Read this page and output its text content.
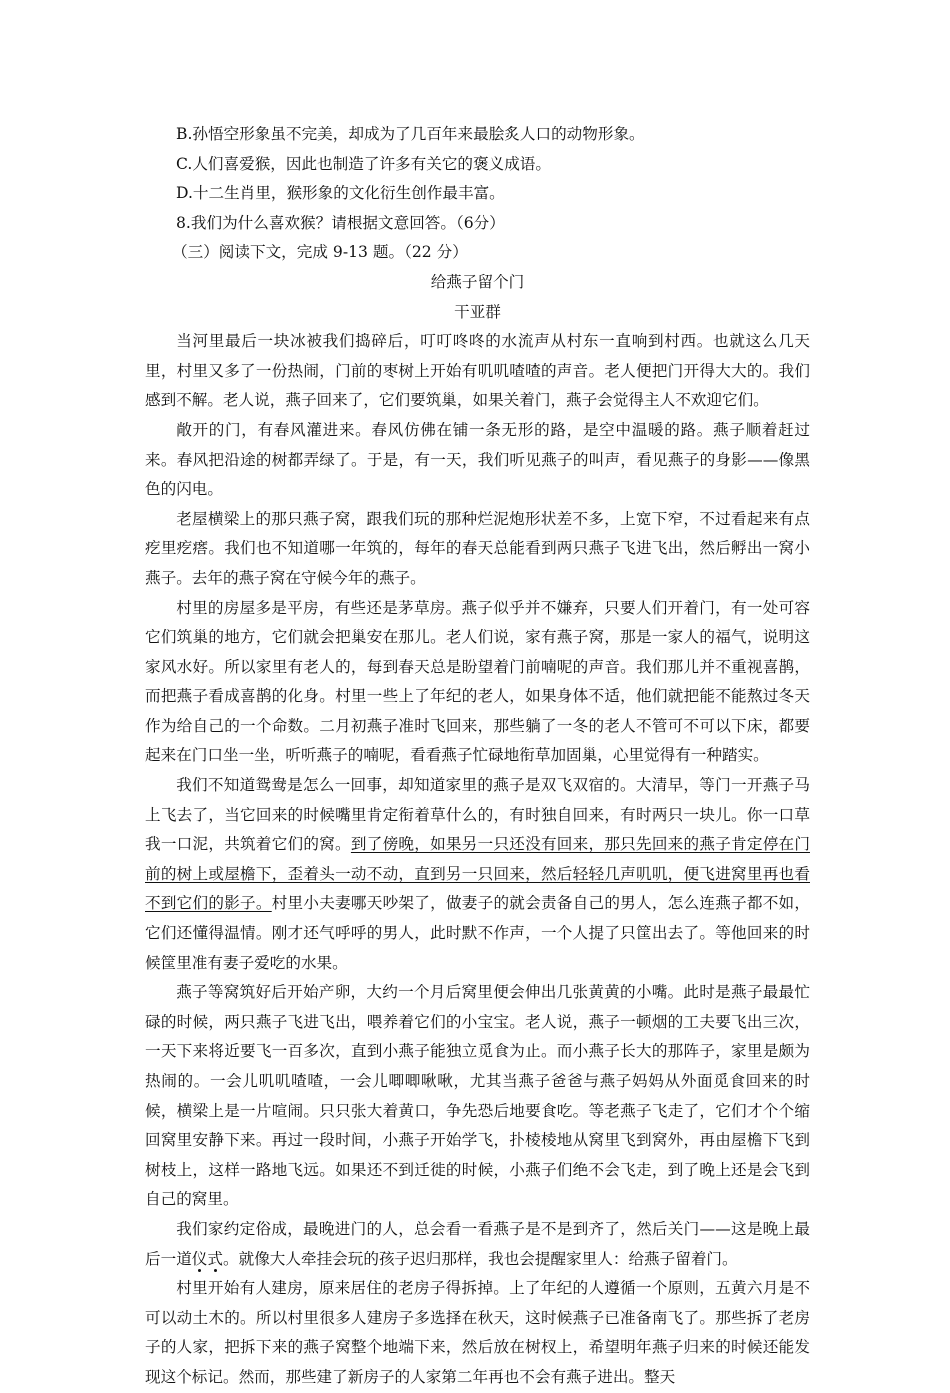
B.孙悟空形象虽不完美，却成为了几百年来最脍炙人口的动物形象。

C.人们喜爱猴，因此也制造了许多有关它的褒义成语。

D.十二生肖里，猴形象的文化衍生创作最丰富。

8.我们为什么喜欢猴？请根据文意回答。（6分）

（三）阅读下文，完成 9-13 题。（22 分）

给燕子留个门

干亚群

当河里最后一块冰被我们捣碎后，叮叮咚咚的水流声从村东一直响到村西。也就这么几天里，村里又多了一份热闹，门前的枣树上开始有叽叽喳喳的声音。老人便把门开得大大的。我们感到不解。老人说，燕子回来了，它们要筑巢，如果关着门，燕子会觉得主人不欢迎它们。

敞开的门，有春风灌进来。春风仿佛在铺一条无形的路，是空中温暖的路。燕子顺着赶过来。春风把沿途的树都弄绿了。于是，有一天，我们听见燕子的叫声，看见燕子的身影——像黑色的闪电。

老屋横梁上的那只燕子窝，跟我们玩的那种烂泥炮形状差不多，上宽下窄，不过看起来有点疙里疙瘩。我们也不知道哪一年筑的，每年的春天总能看到两只燕子飞进飞出，然后孵出一窝小燕子。去年的燕子窝在守候今年的燕子。

村里的房屋多是平房，有些还是茅草房。燕子似乎并不嫌弃，只要人们开着门，有一处可容它们筑巢的地方，它们就会把巢安在那儿。老人们说，家有燕子窝，那是一家人的福气，说明这家风水好。所以家里有老人的，每到春天总是盼望着门前喃呢的声音。我们那儿并不重视喜鹊，而把燕子看成喜鹊的化身。村里一些上了年纪的老人，如果身体不适，他们就把能不能熬过冬天作为给自己的一个命数。二月初燕子准时飞回来，那些躺了一冬的老人不管可不可以下床，都要起来在门口坐一坐，听听燕子的喃呢，看看燕子忙碌地衔草加固巢，心里觉得有一种踏实。

我们不知道鸳鸯是怎么一回事，却知道家里的燕子是双飞双宿的。大清早，等门一开燕子马上飞去了，当它回来的时候嘴里肯定衔着草什么的，有时独自回来，有时两只一块儿。你一口草我一口泥，共筑着它们的窝。到了傍晚，如果另一只还没有回来，那只先回来的燕子肯定停在门前的树上或屋檐下，歪着头一动不动，直到另一只回来，然后轻轻几声叽叽，便飞进窝里再也看不到它们的影子。村里小夫妻哪天吵架了，做妻子的就会责备自己的男人，怎么连燕子都不如，它们还懂得温情。刚才还气呼呼的男人，此时默不作声，一个人提了只筐出去了。等他回来的时候筐里准有妻子爱吃的水果。

燕子等窝筑好后开始产卵，大约一个月后窝里便会伸出几张黄黄的小嘴。此时是燕子最最忙碌的时候，两只燕子飞进飞出，喂养着它们的小宝宝。老人说，燕子一顿烟的工夫要飞出三次，一天下来将近要飞一百多次，直到小燕子能独立觅食为止。而小燕子长大的那阵子，家里是颇为热闹的。一会儿叽叽喳喳，一会儿唧唧啾啾，尤其当燕子爸爸与燕子妈妈从外面觅食回来的时候，横梁上是一片喧闹。只只张大着黄口，争先恐后地要食吃。等老燕子飞走了，它们才个个缩回窝里安静下来。再过一段时间，小燕子开始学飞，扑棱棱地从窝里飞到窝外，再由屋檐下飞到树枝上，这样一路地飞远。如果还不到迁徙的时候，小燕子们绝不会飞走，到了晚上还是会飞到自己的窝里。

我们家约定俗成，最晚进门的人，总会看一看燕子是不是到齐了，然后关门——这是晚上最后一道仪式。就像大人牵挂会玩的孩子迟归那样，我也会提醒家里人：给燕子留着门。

村里开始有人建房，原来居住的老房子得拆掉。上了年纪的人遵循一个原则，五黄六月是不可以动土木的。所以村里很多人建房子多选择在秋天，这时候燕子已准备南飞了。那些拆了老房子的人家，把拆下来的燕子窝整个地端下来，然后放在树杈上，希望明年燕子归来的时候还能发现这个标记。然而，那些建了新房子的人家第二年再也不会有燕子进出。整天
